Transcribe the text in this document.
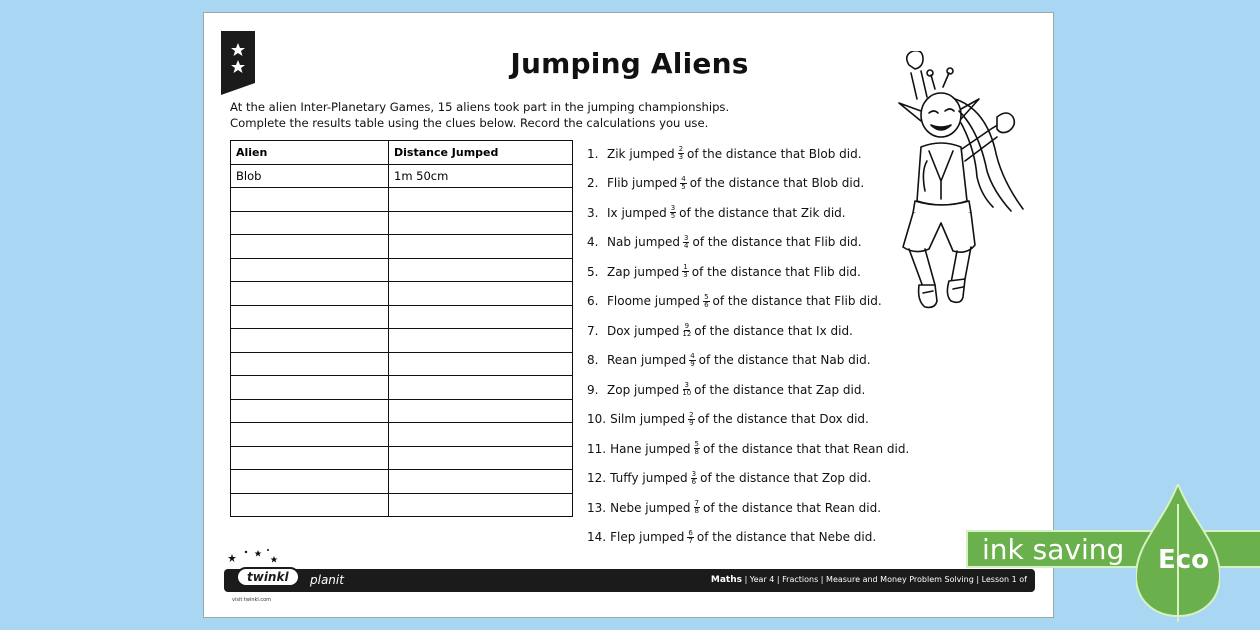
Jumping Aliens
At the alien Inter-Planetary Games, 15 aliens took part in the jumping championships.
Complete the results table using the clues below. Record the calculations you use.
Alien	Distance Jumped
Blob	1m 50cm

1. Zik jumped $\frac{2}{3}$ of the distance that Blob did.
2. Flib jumped $\frac{4}{5}$ of the distance that Blob did.
3. Ix jumped $\frac{3}{5}$ of the distance that Zik did.
4. Nab jumped $\frac{3}{4}$ of the distance that Flib did.
5. Zap jumped $\frac{1}{3}$ of the distance that Flib did.
6. Floome jumped $\frac{5}{6}$ of the distance that Flib did.
7. Dox jumped $\frac{9}{12}$ of the distance that Ix did.
8. Rean jumped $\frac{4}{9}$ of the distance that Nab did.
9. Zop jumped $\frac{3}{10}$ of the distance that Zap did.
10. Silm jumped $\frac{2}{9}$ of the distance that Dox did.
11. Hane jumped $\frac{5}{8}$ of the distance that that Rean did.
12. Tuffy jumped $\frac{3}{6}$ of the distance that Zop did.
13. Nebe jumped $\frac{7}{8}$ of the distance that Rean did.
14. Flep jumped $\frac{6}{7}$ of the distance that Nebe did.
twinkl	planit	Maths | Year 4 | Fractions | Measure and Money Problem Solving | Lesson 1 of
visit twinkl.com
ink saving Eco
